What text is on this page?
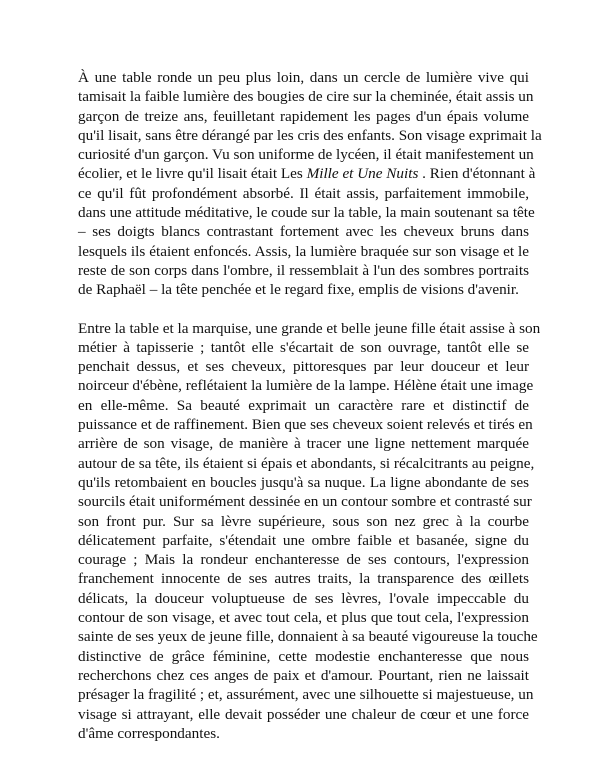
À une table ronde un peu plus loin, dans un cercle de lumière vive qui
tamisait la faible lumière des bougies de cire sur la cheminée, était assis un
garçon de treize ans, feuilletant rapidement les pages d'un épais volume
qu'il lisait, sans être dérangé par les cris des enfants. Son visage exprimait la
curiosité d'un garçon. Vu son uniforme de lycéen, il était manifestement un
écolier, et le livre qu'il lisait était Les Mille et Une Nuits . Rien d'étonnant à
ce qu'il fût profondément absorbé. Il était assis, parfaitement immobile,
dans une attitude méditative, le coude sur la table, la main soutenant sa tête
– ses doigts blancs contrastant fortement avec les cheveux bruns dans
lesquels ils étaient enfoncés. Assis, la lumière braquée sur son visage et le
reste de son corps dans l'ombre, il ressemblait à l'un des sombres portraits
de Raphaël – la tête penchée et le regard fixe, emplis de visions d'avenir.
Entre la table et la marquise, une grande et belle jeune fille était assise à son
métier à tapisserie ; tantôt elle s'écartait de son ouvrage, tantôt elle se
penchait dessus, et ses cheveux, pittoresques par leur douceur et leur
noirceur d'ébène, reflétaient la lumière de la lampe. Hélène était une image
en elle-même. Sa beauté exprimait un caractère rare et distinctif de
puissance et de raffinement. Bien que ses cheveux soient relevés et tirés en
arrière de son visage, de manière à tracer une ligne nettement marquée
autour de sa tête, ils étaient si épais et abondants, si récalcitrants au peigne,
qu'ils retombaient en boucles jusqu'à sa nuque. La ligne abondante de ses
sourcils était uniformément dessinée en un contour sombre et contrasté sur
son front pur. Sur sa lèvre supérieure, sous son nez grec à la courbe
délicatement parfaite, s'étendait une ombre faible et basanée, signe du
courage ; Mais la rondeur enchanteresse de ses contours, l'expression
franchement innocente de ses autres traits, la transparence des œillets
délicats, la douceur voluptueuse de ses lèvres, l'ovale impeccable du
contour de son visage, et avec tout cela, et plus que tout cela, l'expression
sainte de ses yeux de jeune fille, donnaient à sa beauté vigoureuse la touche
distinctive de grâce féminine, cette modestie enchanteresse que nous
recherchons chez ces anges de paix et d'amour. Pourtant, rien ne laissait
présager la fragilité ; et, assurément, avec une silhouette si majestueuse, un
visage si attrayant, elle devait posséder une chaleur de cœur et une force
d'âme correspondantes.
